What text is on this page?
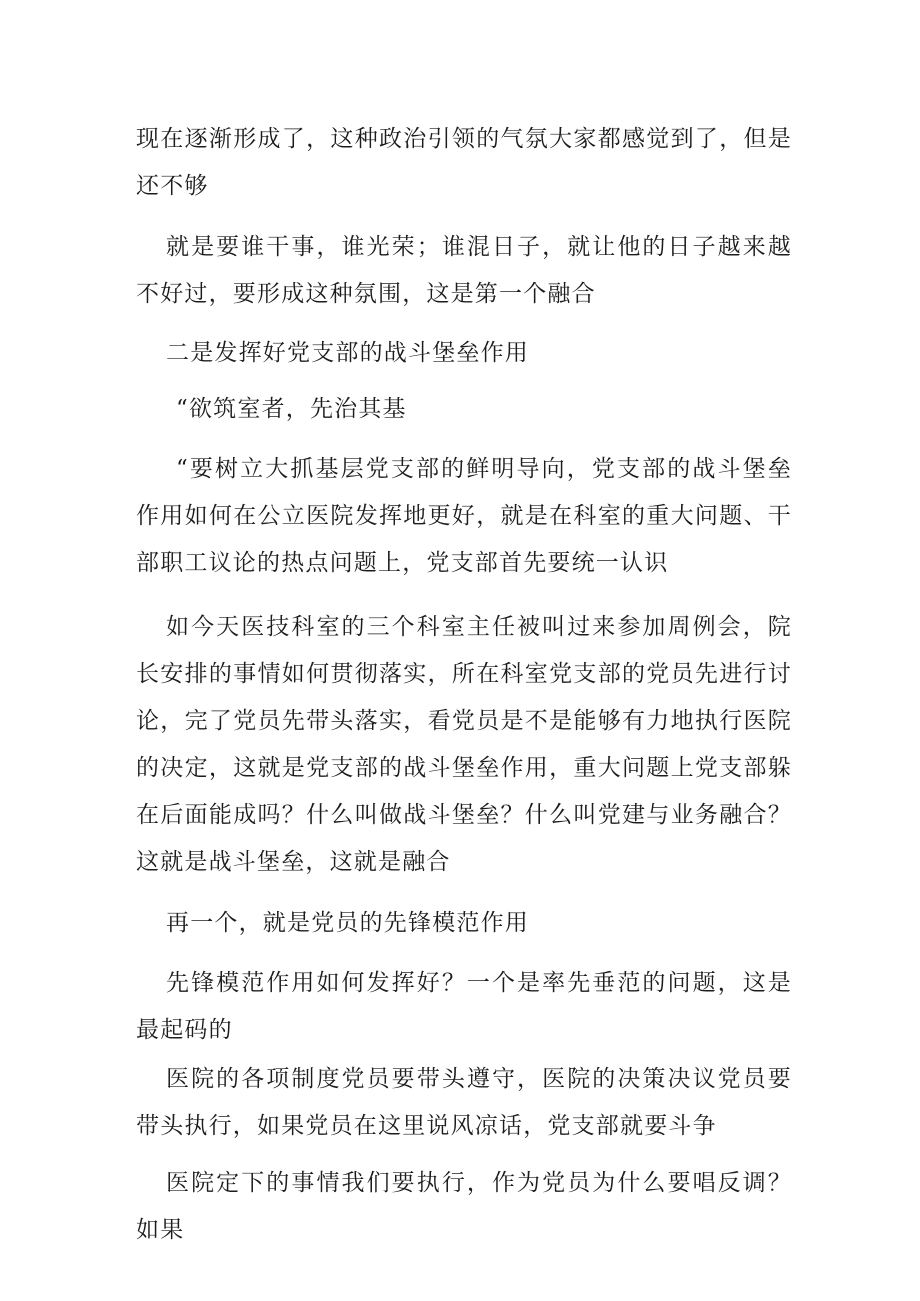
现在逐渐形成了，这种政治引领的气氛大家都感觉到了，但是还不够

就是要谁干事，谁光荣；谁混日子，就让他的日子越来越不好过，要形成这种氛围，这是第一个融合

二是发挥好党支部的战斗堡垒作用

“欲筑室者，先治其基

“要树立大抓基层党支部的鲜明导向，党支部的战斗堡垒作用如何在公立医院发挥地更好，就是在科室的重大问题、干部职工议论的热点问题上，党支部首先要统一认识

如今天医技科室的三个科室主任被叫过来参加周例会，院长安排的事情如何贯彻落实，所在科室党支部的党员先进行讨论，完了党员先带头落实，看党员是不是能够有力地执行医院的决定，这就是党支部的战斗堡垒作用，重大问题上党支部躲在后面能成吗？什么叫做战斗堡垒？什么叫党建与业务融合？这就是战斗堡垒，这就是融合

再一个，就是党员的先锋模范作用

先锋模范作用如何发挥好？一个是率先垂范的问题，这是最起码的

医院的各项制度党员要带头遵守，医院的决策决议党员要带头执行，如果党员在这里说风凉话，党支部就要斗争

医院定下的事情我们要执行，作为党员为什么要唱反调？如果
